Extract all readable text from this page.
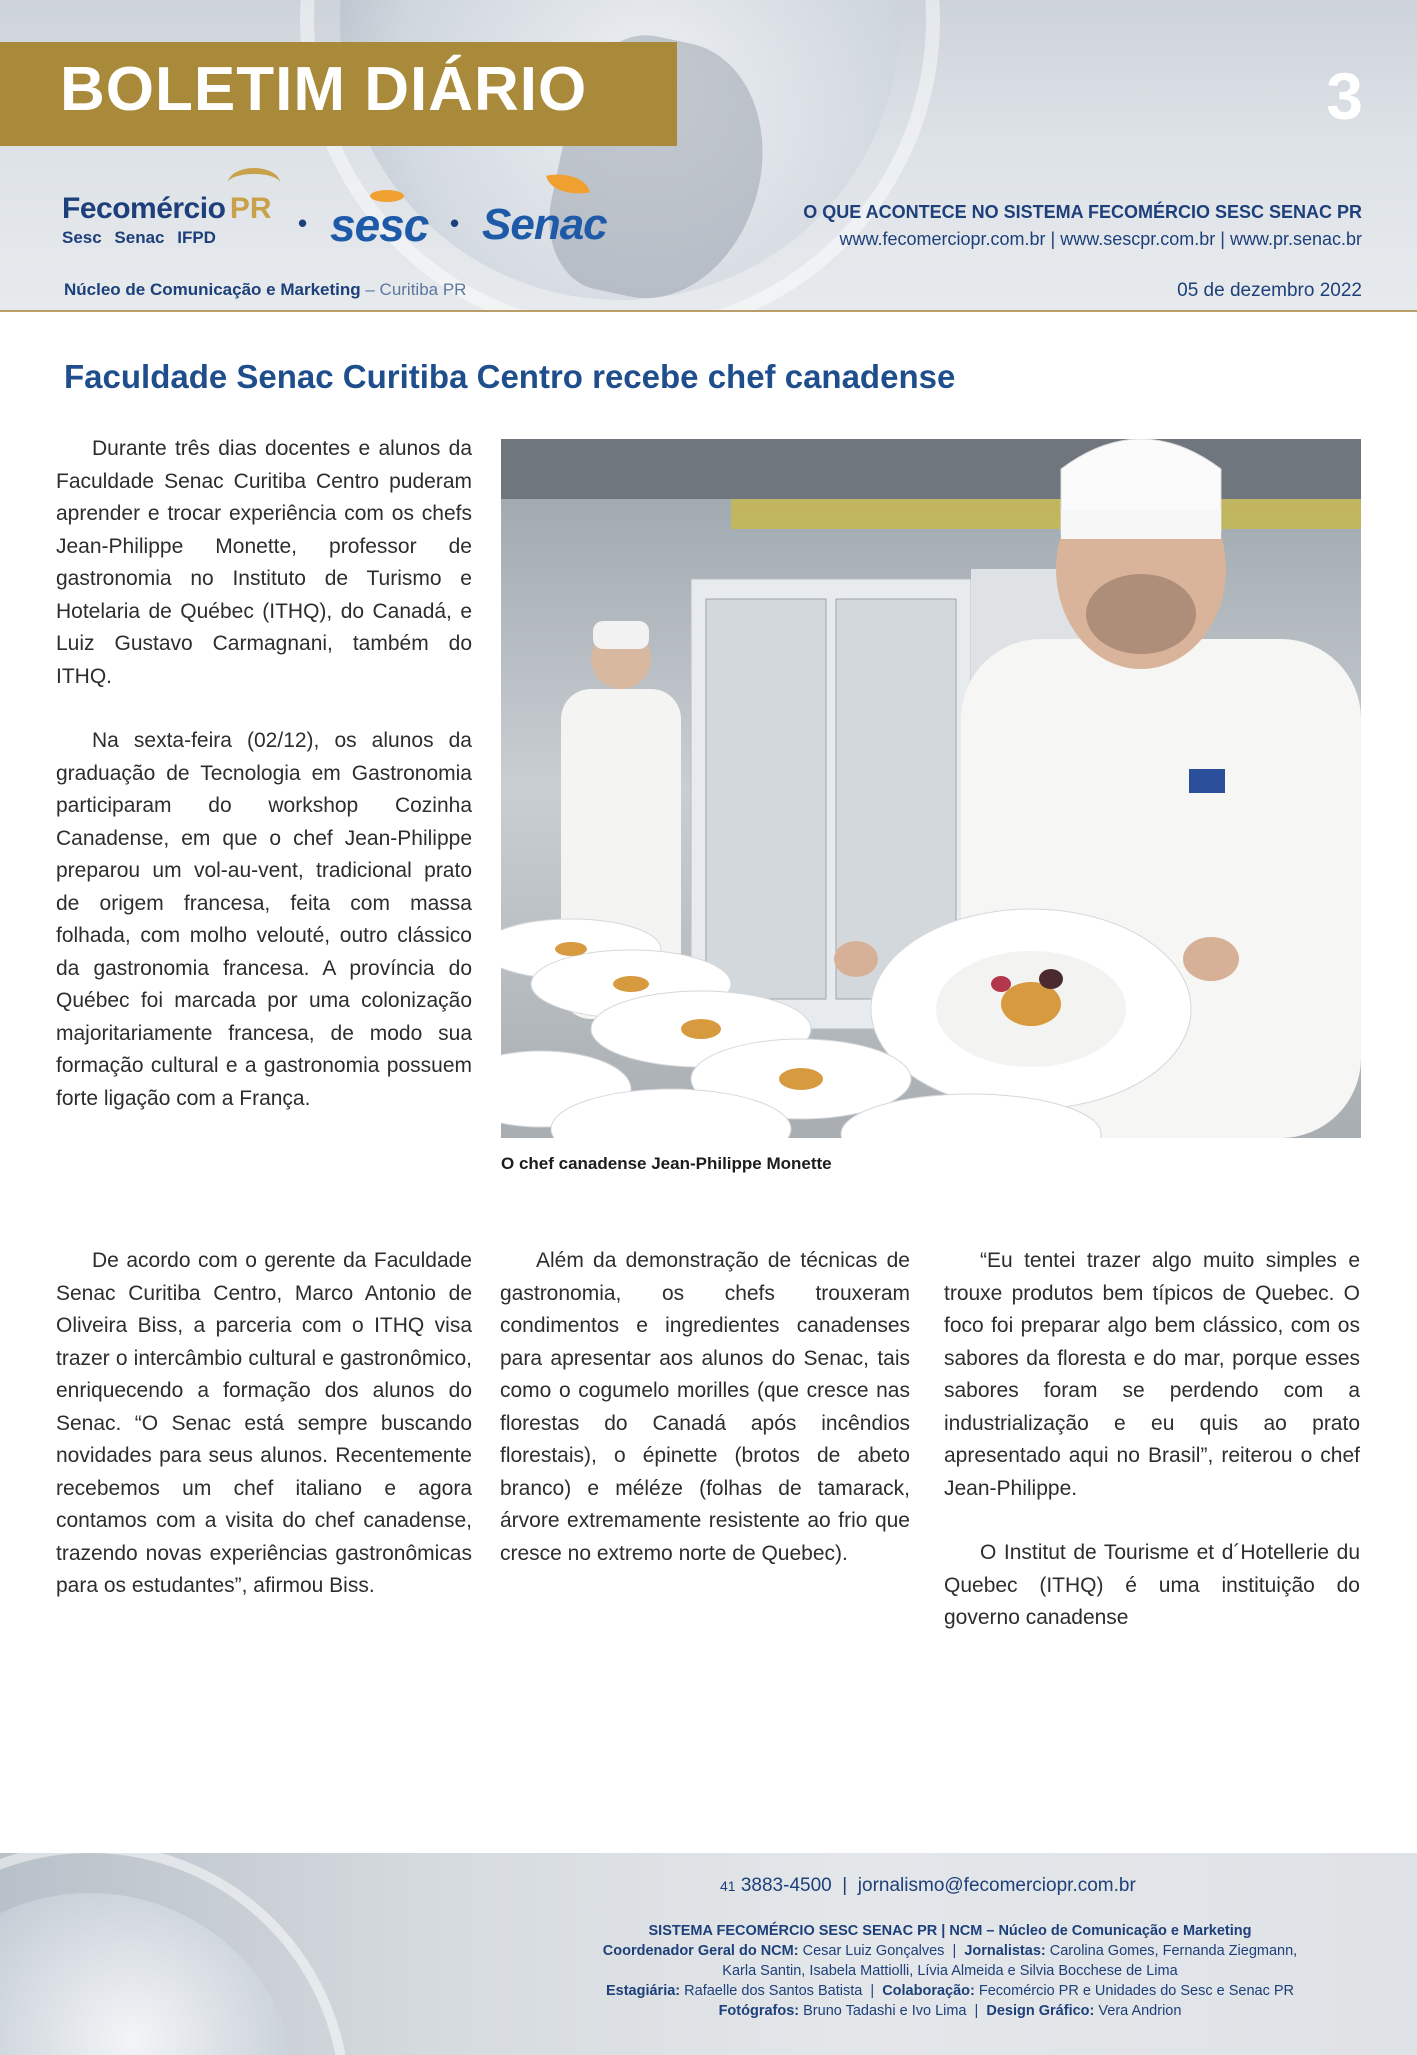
BOLETIM DIÁRIO	3
Fecomércio PR
Sesc Senac IFPD	• sesc • Senac	O QUE ACONTECE NO SISTEMA FECOMÉRCIO SESC SENAC PR
www.fecomerciopr.com.br | www.sescpr.com.br | www.pr.senac.br
Núcleo de Comunicação e Marketing – Curitiba PR	05 de dezembro 2022
Faculdade Senac Curitiba Centro recebe chef canadense

Durante três dias docentes e alunos da Faculdade Senac Curitiba Centro puderam aprender e trocar experiência com os chefs Jean-Philippe Monette, professor de gastronomia no Instituto de Turismo e Hotelaria de Québec (ITHQ), do Canadá, e Luiz Gustavo Carmagnani, também do ITHQ.

Na sexta-feira (02/12), os alunos da graduação de Tecnologia em Gastronomia participaram do workshop Cozinha Canadense, em que o chef Jean-Philippe preparou um vol-au-vent, tradicional prato de origem francesa, feita com massa folhada, com molho velouté, outro clássico da gastronomia francesa. A província do Québec foi marcada por uma colonização majoritariamente francesa, de modo sua formação cultural e a gastronomia possuem forte ligação com a França.

O chef canadense Jean-Philippe Monette

De acordo com o gerente da Faculdade Senac Curitiba Centro, Marco Antonio de Oliveira Biss, a parceria com o ITHQ visa trazer o intercâmbio cultural e gastronômico, enriquecendo a formação dos alunos do Senac. “O Senac está sempre buscando novidades para seus alunos. Recentemente recebemos um chef italiano e agora contamos com a visita do chef canadense, trazendo novas experiências gastronômicas para os estudantes”, afirmou Biss.

Além da demonstração de técnicas de gastronomia, os chefs trouxeram condimentos e ingredientes canadenses para apresentar aos alunos do Senac, tais como o cogumelo morilles (que cresce nas florestas do Canadá após incêndios florestais), o épinette (brotos de abeto branco) e méléze (folhas de tamarack, árvore extremamente resistente ao frio que cresce no extremo norte de Quebec).

“Eu tentei trazer algo muito simples e trouxe produtos bem típicos de Quebec. O foco foi preparar algo bem clássico, com os sabores da floresta e do mar, porque esses sabores foram se perdendo com a industrialização e eu quis ao prato apresentado aqui no Brasil”, reiterou o chef Jean-Philippe.

O Institut de Tourisme et d´Hotellerie du Quebec (ITHQ) é uma instituição do governo canadense

41 3883-4500  |  jornalismo@fecomerciopr.com.br
SISTEMA FECOMÉRCIO SESC SENAC PR | NCM – Núcleo de Comunicação e Marketing
Coordenador Geral do NCM: Cesar Luiz Gonçalves  |  Jornalistas: Carolina Gomes, Fernanda Ziegmann,
Karla Santin, Isabela Mattiolli, Lívia Almeida e Silvia Bocchese de Lima
Estagiária: Rafaelle dos Santos Batista  |  Colaboração: Fecomércio PR e Unidades do Sesc e Senac PR
Fotógrafos: Bruno Tadashi e Ivo Lima  |  Design Gráfico: Vera Andrion
